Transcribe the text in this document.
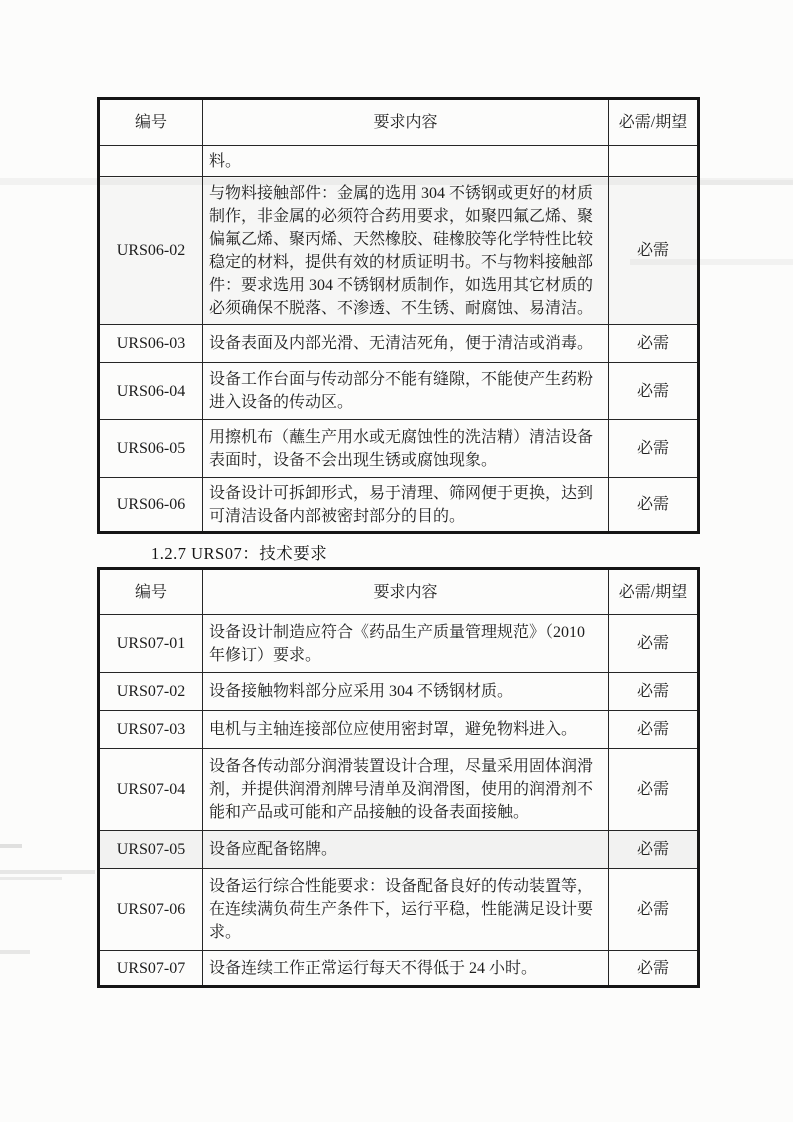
编号	要求内容	必需/期望
	料。	
URS06-02	与物料接触部件：金属的选用 304 不锈钢或更好的材质制作，非金属的必须符合药用要求，如聚四氟乙烯、聚偏氟乙烯、聚丙烯、天然橡胶、硅橡胶等化学特性比较稳定的材料，提供有效的材质证明书。不与物料接触部件：要求选用 304 不锈钢材质制作，如选用其它材质的必须确保不脱落、不渗透、不生锈、耐腐蚀、易清洁。	必需
URS06-03	设备表面及内部光滑、无清洁死角，便于清洁或消毒。	必需
URS06-04	设备工作台面与传动部分不能有缝隙，不能使产生药粉进入设备的传动区。	必需
URS06-05	用擦机布（蘸生产用水或无腐蚀性的洗洁精）清洁设备表面时，设备不会出现生锈或腐蚀现象。	必需
URS06-06	设备设计可拆卸形式，易于清理、筛网便于更换，达到可清洁设备内部被密封部分的目的。	必需
1.2.7 URS07：技术要求
编号	要求内容	必需/期望
URS07-01	设备设计制造应符合《药品生产质量管理规范》（2010 年修订）要求。	必需
URS07-02	设备接触物料部分应采用 304 不锈钢材质。	必需
URS07-03	电机与主轴连接部位应使用密封罩，避免物料进入。	必需
URS07-04	设备各传动部分润滑装置设计合理，尽量采用固体润滑剂，并提供润滑剂牌号清单及润滑图，使用的润滑剂不能和产品或可能和产品接触的设备表面接触。	必需
URS07-05	设备应配备铭牌。	必需
URS07-06	设备运行综合性能要求：设备配备良好的传动装置等，在连续满负荷生产条件下，运行平稳，性能满足设计要求。	必需
URS07-07	设备连续工作正常运行每天不得低于 24 小时。	必需
